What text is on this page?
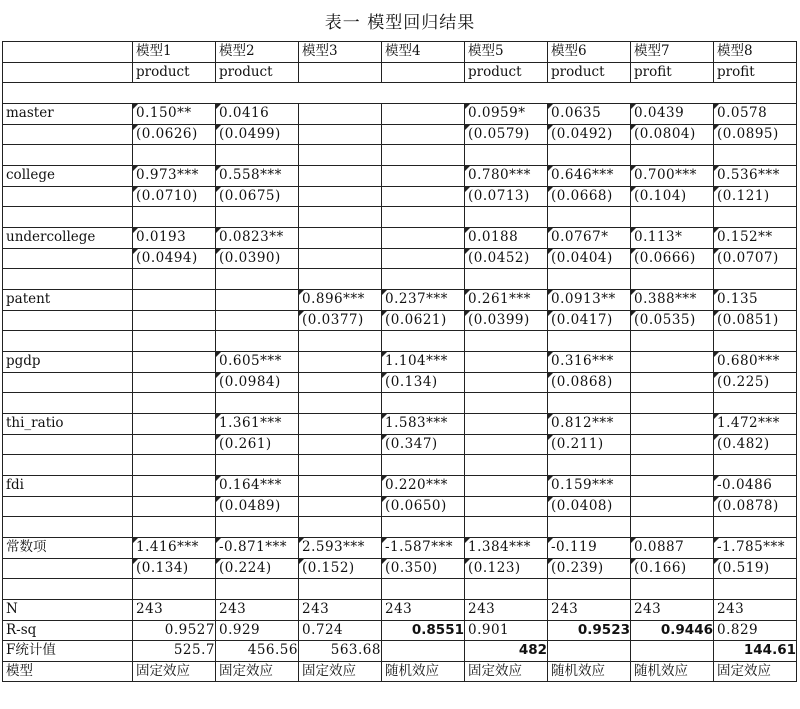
表一 模型回归结果
	模型1	模型2	模型3	模型4	模型5	模型6	模型7	模型8
	product	product			product	product	profit	profit

master	0.150**	0.0416			0.0959*	0.0635	0.0439	0.0578
	(0.0626)	(0.0499)			(0.0579)	(0.0492)	(0.0804)	(0.0895)

college	0.973***	0.558***			0.780***	0.646***	0.700***	0.536***
	(0.0710)	(0.0675)			(0.0713)	(0.0668)	(0.104)	(0.121)

undercollege	0.0193	0.0823**			0.0188	0.0767*	0.113*	0.152**
	(0.0494)	(0.0390)			(0.0452)	(0.0404)	(0.0666)	(0.0707)

patent			0.896***	0.237***	0.261***	0.0913**	0.388***	0.135
			(0.0377)	(0.0621)	(0.0399)	(0.0417)	(0.0535)	(0.0851)

pgdp		0.605***		1.104***		0.316***		0.680***
		(0.0984)		(0.134)		(0.0868)		(0.225)

thi_ratio		1.361***		1.583***		0.812***		1.472***
		(0.261)		(0.347)		(0.211)		(0.482)

fdi		0.164***		0.220***		0.159***		-0.0486
		(0.0489)		(0.0650)		(0.0408)		(0.0878)

常数项	1.416***	-0.871***	2.593***	-1.587***	1.384***	-0.119	0.0887	-1.785***
	(0.134)	(0.224)	(0.152)	(0.350)	(0.123)	(0.239)	(0.166)	(0.519)

N	243	243	243	243	243	243	243	243
R-sq	0.9527	0.929	0.724	0.8551	0.901	0.9523	0.9446	0.829
F统计值	525.7	456.56	563.68		482			144.61
模型	固定效应	固定效应	固定效应	随机效应	固定效应	随机效应	随机效应	固定效应
